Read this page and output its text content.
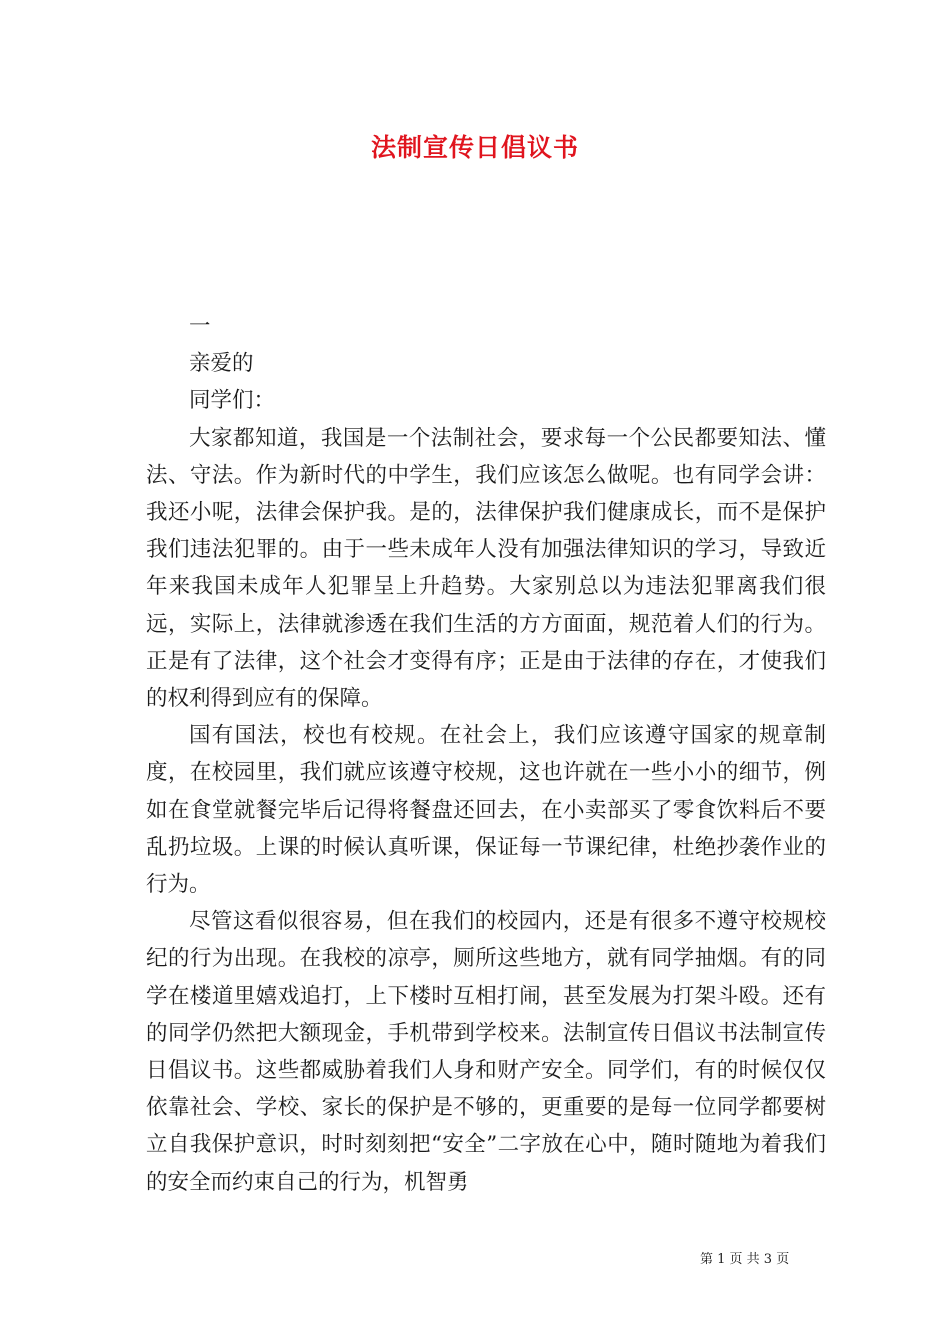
法制宣传日倡议书

一

亲爱的

同学们：

大家都知道，我国是一个法制社会，要求每一个公民都要知法、懂法、守法。作为新时代的中学生，我们应该怎么做呢。也有同学会讲：我还小呢，法律会保护我。是的，法律保护我们健康成长，而不是保护我们违法犯罪的。由于一些未成年人没有加强法律知识的学习，导致近年来我国未成年人犯罪呈上升趋势。大家别总以为违法犯罪离我们很远，实际上，法律就渗透在我们生活的方方面面，规范着人们的行为。正是有了法律，这个社会才变得有序；正是由于法律的存在，才使我们的权利得到应有的保障。

国有国法，校也有校规。在社会上，我们应该遵守国家的规章制度，在校园里，我们就应该遵守校规，这也许就在一些小小的细节，例如在食堂就餐完毕后记得将餐盘还回去，在小卖部买了零食饮料后不要乱扔垃圾。上课的时候认真听课，保证每一节课纪律，杜绝抄袭作业的行为。

尽管这看似很容易，但在我们的校园内，还是有很多不遵守校规校纪的行为出现。在我校的凉亭，厕所这些地方，就有同学抽烟。有的同学在楼道里嬉戏追打，上下楼时互相打闹，甚至发展为打架斗殴。还有的同学仍然把大额现金，手机带到学校来。法制宣传日倡议书法制宣传日倡议书。这些都威胁着我们人身和财产安全。同学们，有的时候仅仅依靠社会、学校、家长的保护是不够的，更重要的是每一位同学都要树立自我保护意识，时时刻刻把“安全”二字放在心中，随时随地为着我们的安全而约束自己的行为，机智勇

第 1 页 共 3 页
